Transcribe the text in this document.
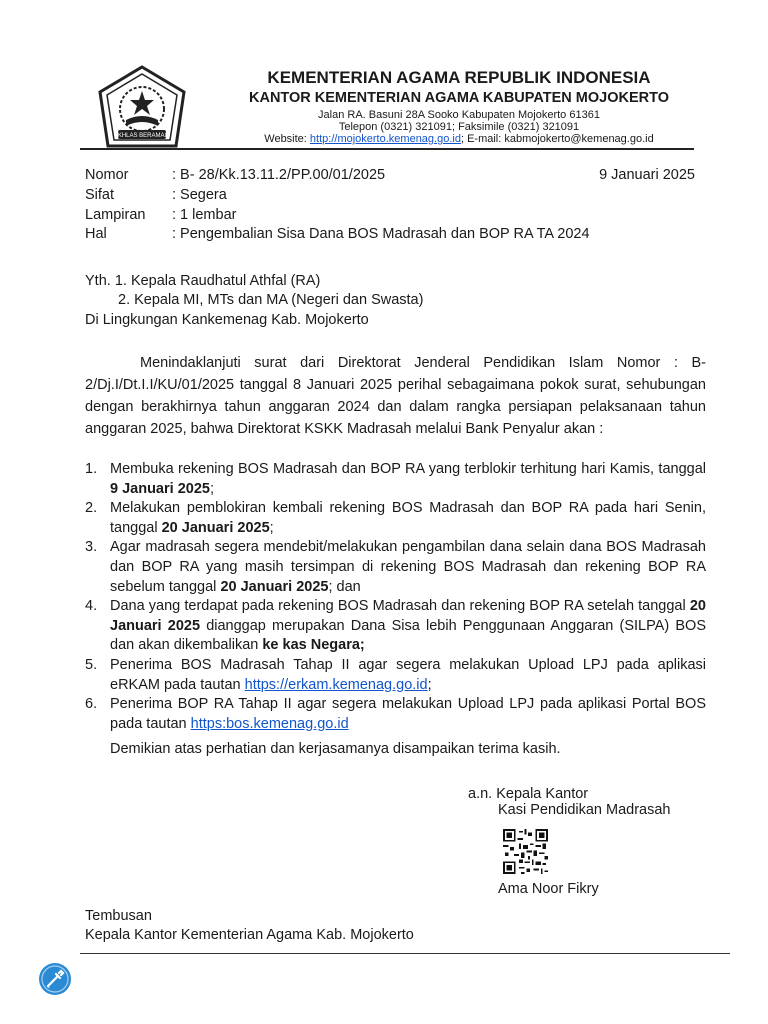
IKHLAS BERAMAL
KEMENTERIAN AGAMA REPUBLIK INDONESIA
KANTOR KEMENTERIAN AGAMA KABUPATEN MOJOKERTO
Jalan RA. Basuni 28A Sooko Kabupaten Mojokerto 61361
Telepon (0321) 321091; Faksimile (0321) 321091
Website: http://mojokerto.kemenag.go.id; E-mail: kabmojokerto@kemenag.go.id
Nomor	: B- 28/Kk.13.11.2/PP.00/01/2025	9 Januari 2025
Sifat	: Segera
Lampiran : 1 lembar
Hal	: Pengembalian Sisa Dana BOS Madrasah dan BOP RA TA 2024
Yth. 1. Kepala Raudhatul Athfal (RA)
2. Kepala MI, MTs dan MA (Negeri dan Swasta)
Di Lingkungan Kankemenag Kab. Mojokerto

Menindaklanjuti surat dari Direktorat Jenderal Pendidikan Islam Nomor : B-2/Dj.I/Dt.I.I/KU/01/2025 tanggal 8 Januari 2025 perihal sebagaimana pokok surat, sehubungan dengan berakhirnya tahun anggaran 2024 dan dalam rangka persiapan pelaksanaan tahun anggaran 2025, bahwa Direktorat KSKK Madrasah melalui Bank Penyalur akan :

1. Membuka rekening BOS Madrasah dan BOP RA yang terblokir terhitung hari Kamis, tanggal 9 Januari 2025;
2. Melakukan pemblokiran kembali rekening BOS Madrasah dan BOP RA pada hari Senin, tanggal 20 Januari 2025;
3. Agar madrasah segera mendebit/melakukan pengambilan dana selain dana BOS Madrasah dan BOP RA yang masih tersimpan di rekening BOS Madrasah dan rekening BOP RA sebelum tanggal 20 Januari 2025; dan
4. Dana yang terdapat pada rekening BOS Madrasah dan rekening BOP RA setelah tanggal 20 Januari 2025 dianggap merupakan Dana Sisa lebih Penggunaan Anggaran (SILPA) BOS dan akan dikembalikan ke kas Negara;
5. Penerima BOS Madrasah Tahap II agar segera melakukan Upload LPJ pada aplikasi eRKAM pada tautan https://erkam.kemenag.go.id;
6. Penerima BOP RA Tahap II agar segera melakukan Upload LPJ pada aplikasi Portal BOS pada tautan https:bos.kemenag.go.id
Demikian atas perhatian dan kerjasamanya disampaikan terima kasih.
a.n. Kepala Kantor
Kasi Pendidikan Madrasah
Ama Noor Fikry
Tembusan
Kepala Kantor Kementerian Agama Kab. Mojokerto
